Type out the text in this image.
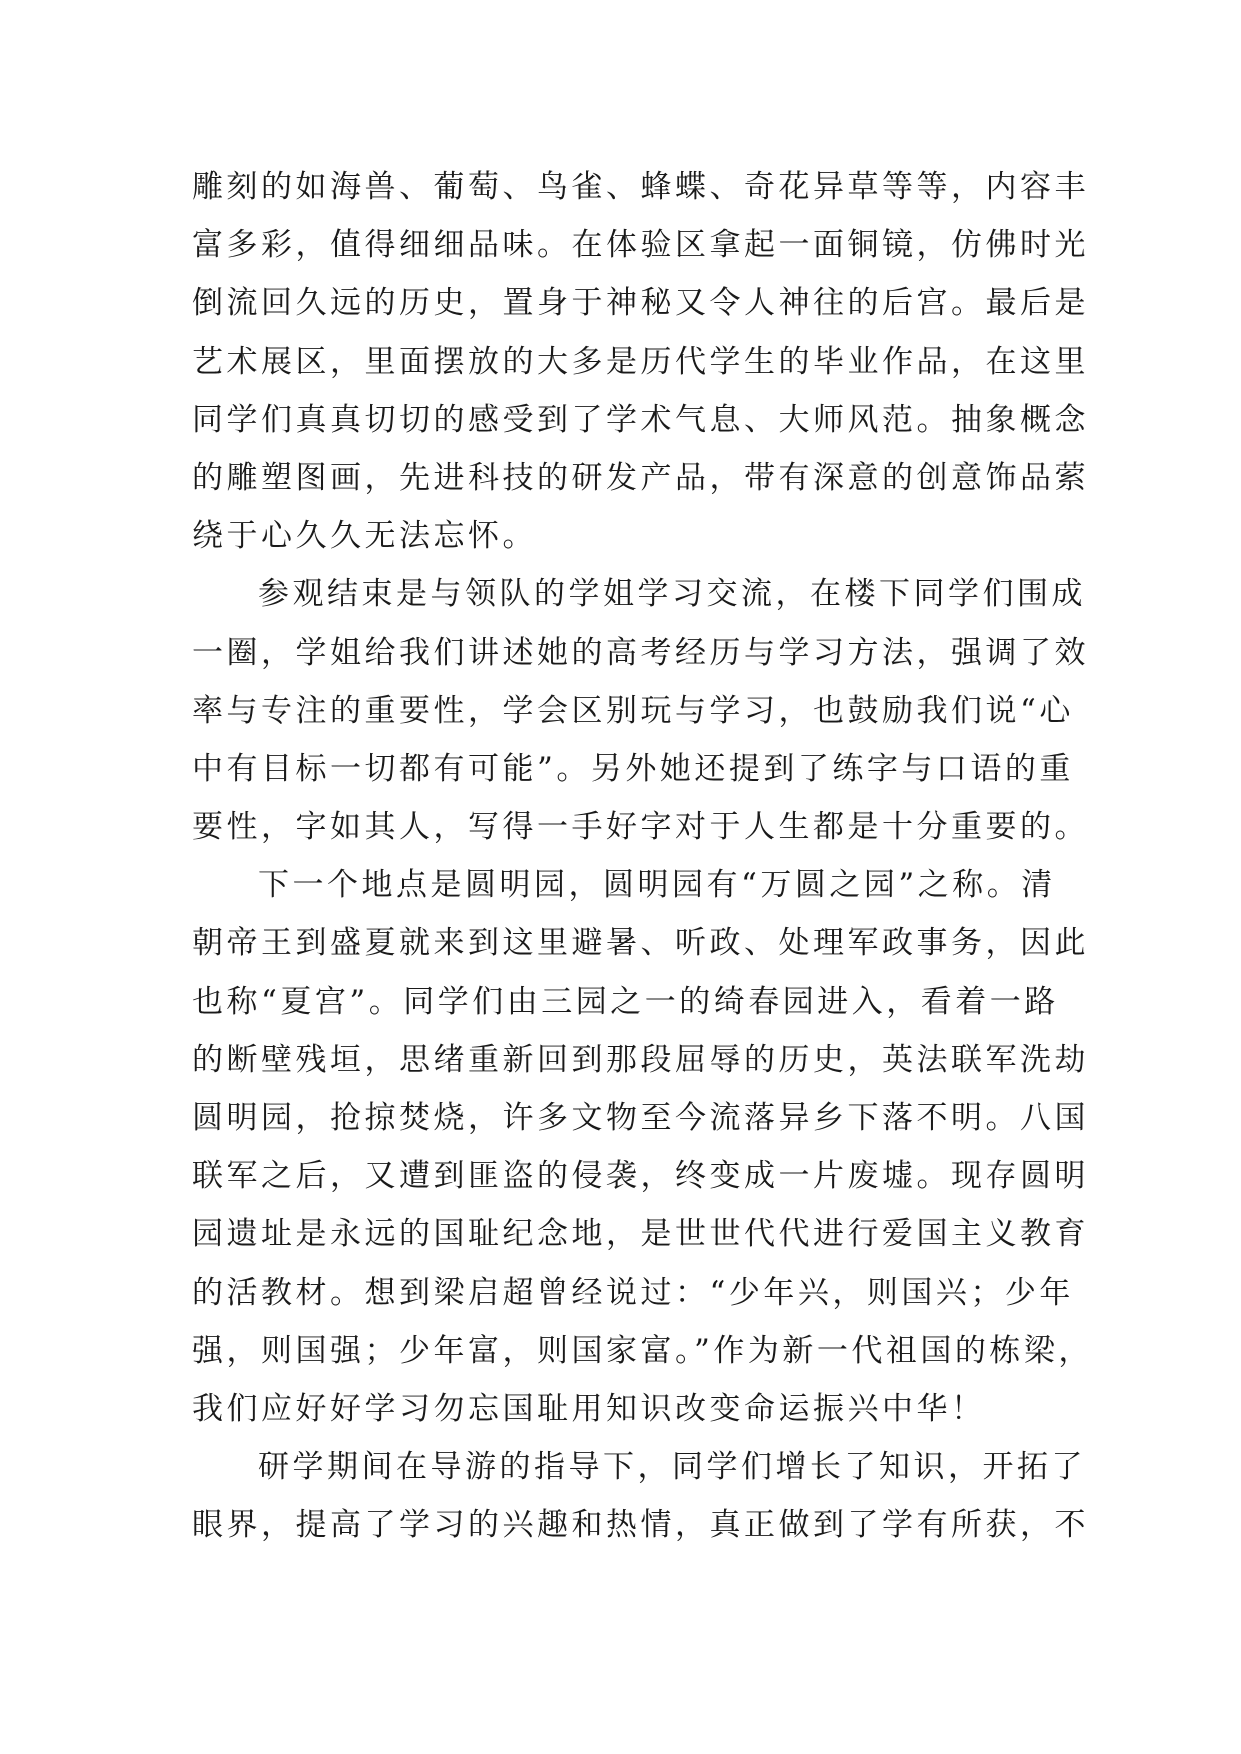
雕刻的如海兽、葡萄、鸟雀、蜂蝶、奇花异草等等，内容丰
富多彩，值得细细品味。在体验区拿起一面铜镜，仿佛时光
倒流回久远的历史，置身于神秘又令人神往的后宫。最后是
艺术展区，里面摆放的大多是历代学生的毕业作品，在这里
同学们真真切切的感受到了学术气息、大师风范。抽象概念
的雕塑图画，先进科技的研发产品，带有深意的创意饰品萦
绕于心久久无法忘怀。
参观结束是与领队的学姐学习交流，在楼下同学们围成
一圈，学姐给我们讲述她的高考经历与学习方法，强调了效
率与专注的重要性，学会区别玩与学习，也鼓励我们说“心
中有目标一切都有可能”。另外她还提到了练字与口语的重
要性，字如其人，写得一手好字对于人生都是十分重要的。
下一个地点是圆明园，圆明园有“万圆之园”之称。清
朝帝王到盛夏就来到这里避暑、听政、处理军政事务，因此
也称“夏宫”。同学们由三园之一的绮春园进入，看着一路
的断壁残垣，思绪重新回到那段屈辱的历史，英法联军洗劫
圆明园，抢掠焚烧，许多文物至今流落异乡下落不明。八国
联军之后，又遭到匪盗的侵袭，终变成一片废墟。现存圆明
园遗址是永远的国耻纪念地，是世世代代进行爱国主义教育
的活教材。想到梁启超曾经说过：“少年兴，则国兴；少年
强，则国强；少年富，则国家富。”作为新一代祖国的栋梁，
我们应好好学习勿忘国耻用知识改变命运振兴中华！
研学期间在导游的指导下，同学们增长了知识，开拓了
眼界，提高了学习的兴趣和热情，真正做到了学有所获，不
